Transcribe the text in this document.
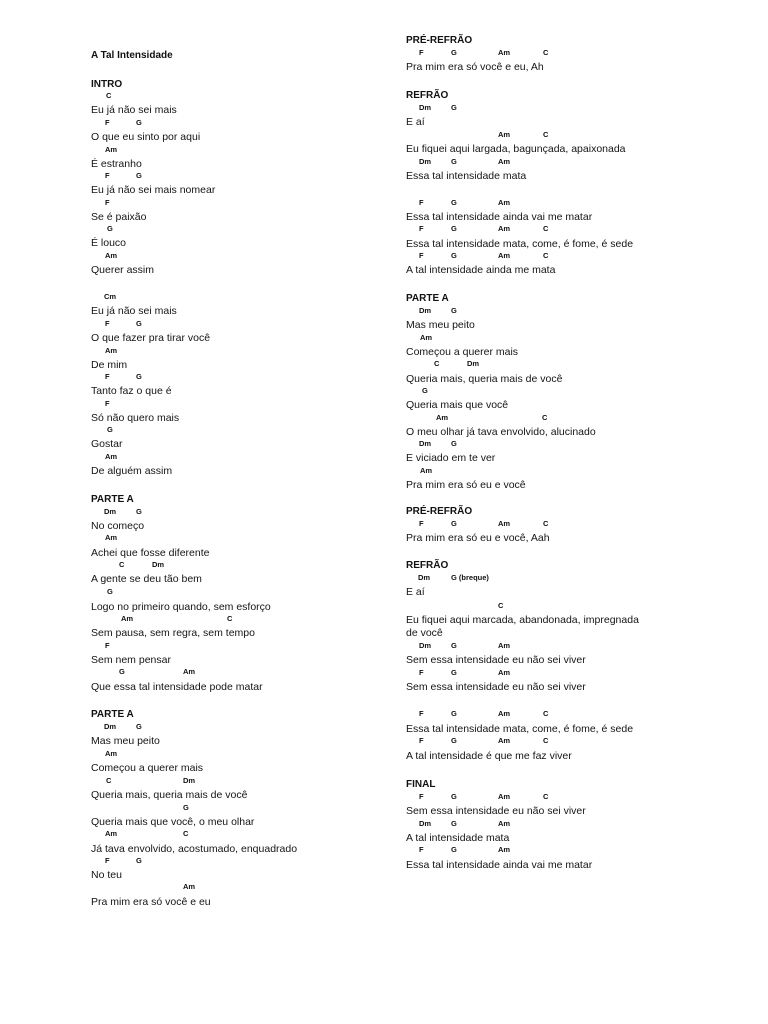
A Tal Intensidade
INTRO
C
Eu já não sei mais
F	G
O que eu sinto por aqui
Am
É estranho
F	G
Eu já não sei mais nomear
F
Se é paixão
G
É louco
Am
Querer assim
Cm
Eu já não sei mais
F	G
O que fazer pra tirar você
Am
De mim
F	G
Tanto faz o que é
F
Só não quero mais
G
Gostar
Am
De alguém assim
PARTE A
Dm	G
No começo
Am
Achei que fosse diferente
C	Dm
A gente se deu tão bem
G
Logo no primeiro quando, sem esforço
Am	C
Sem pausa, sem regra, sem tempo
F
Sem nem pensar
G	Am
Que essa tal intensidade pode matar
PARTE A
Dm	G
Mas meu peito
Am
Começou a querer mais
C	Dm
Queria mais, queria mais de você
G
Queria mais que você, o meu olhar
Am	C
Já tava envolvido, acostumado, enquadrado
F	G
No teu
Am
Pra mim era só você e eu
PRÉ-REFRÃO
F	G	Am	C
Pra mim era só você e eu, Ah
REFRÃO
Dm	G
E aí
Am	C
Eu fiquei aqui largada, bagunçada, apaixonada
Dm	G	Am
Essa tal intensidade mata
F	G	Am
Essa tal intensidade ainda vai me matar
F	G	Am	C
Essa tal intensidade mata, come, é fome, é sede
F	G	Am	C
A tal intensidade ainda me mata
PARTE A
Dm	G
Mas meu peito
Am
Começou a querer mais
C	Dm
Queria mais, queria mais de você
G
Queria mais que você
Am	C
O meu olhar já tava envolvido, alucinado
Dm	G
E viciado em te ver
Am
Pra mim era só eu e você
PRÉ-REFRÃO
F	G	Am	C
Pra mim era só eu e você, Aah
REFRÃO
Dm	G (breque)
E aí
C
Eu fiquei aqui marcada, abandonada, impregnada
de você
Dm	G	Am
Sem essa intensidade eu não sei viver
F	G	Am
Sem essa intensidade eu não sei viver
F	G	Am	C
Essa tal intensidade mata, come, é fome, é sede
F	G	Am	C
A tal intensidade é que me faz viver
FINAL
F	G	Am	C
Sem essa intensidade eu não sei viver
Dm	G	Am
A tal intensidade mata
F	G	Am
Essa tal intensidade ainda vai me matar
